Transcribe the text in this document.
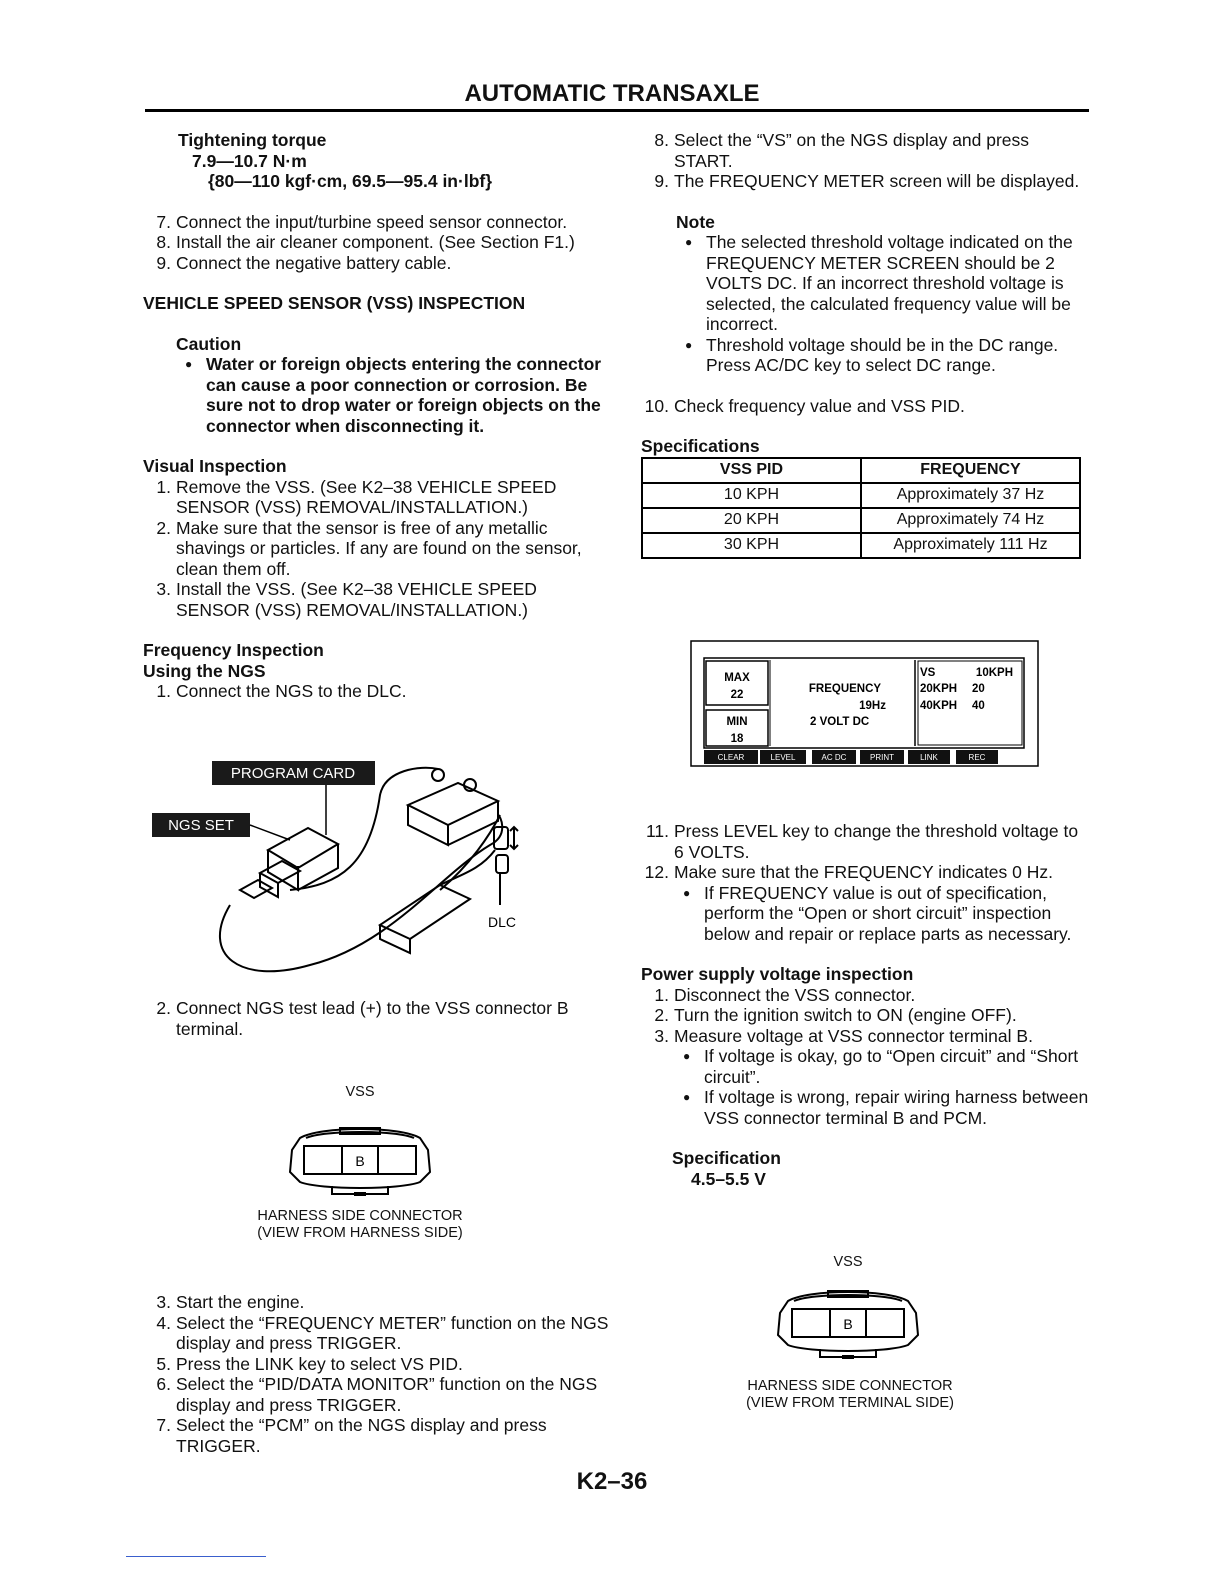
AUTOMATIC TRANSAXLE
Tightening torque
7.9—10.7 N·m
{80—110 kgf·cm, 69.5—95.4 in·lbf}
7. Connect the input/turbine speed sensor connector.
8. Install the air cleaner component. (See Section F1.)
9. Connect the negative battery cable.
VEHICLE SPEED SENSOR (VSS) INSPECTION
Caution
● Water or foreign objects entering the connector can cause a poor connection or corrosion. Be sure not to drop water or foreign objects on the connector when disconnecting it.
Visual Inspection
1. Remove the VSS. (See K2–38 VEHICLE SPEED SENSOR (VSS) REMOVAL/INSTALLATION.)
2. Make sure that the sensor is free of any metallic shavings or particles. If any are found on the sensor, clean them off.
3. Install the VSS. (See K2–38 VEHICLE SPEED SENSOR (VSS) REMOVAL/INSTALLATION.)
Frequency Inspection
Using the NGS
1. Connect the NGS to the DLC.
PROGRAM CARD
NGS SET
DLC
2. Connect NGS test lead (+) to the VSS connector B terminal.
VSS
B
HARNESS SIDE CONNECTOR
(VIEW FROM HARNESS SIDE)
3. Start the engine.
4. Select the “FREQUENCY METER” function on the NGS display and press TRIGGER.
5. Press the LINK key to select VS PID.
6. Select the “PID/DATA MONITOR” function on the NGS display and press TRIGGER.
7. Select the “PCM” on the NGS display and press TRIGGER.
8. Select the “VS” on the NGS display and press START.
9. The FREQUENCY METER screen will be displayed.
Note
● The selected threshold voltage indicated on the FREQUENCY METER SCREEN should be 2 VOLTS DC. If an incorrect threshold voltage is selected, the calculated frequency value will be incorrect.
● Threshold voltage should be in the DC range. Press AC/DC key to select DC range.
10. Check frequency value and VSS PID.
Specifications
VSS PID	FREQUENCY
10 KPH	Approximately 37 Hz
20 KPH	Approximately 74 Hz
30 KPH	Approximately 111 Hz
MAX
22
MIN
18
FREQUENCY
19Hz
2 VOLT DC
VS	10KPH
20KPH 20
40KPH 40
CLEAR	LEVEL	AC DC	PRINT	LINK	REC
11. Press LEVEL key to change the threshold voltage to 6 VOLTS.
12. Make sure that the FREQUENCY indicates 0 Hz.
● If FREQUENCY value is out of specification, perform the “Open or short circuit” inspection below and repair or replace parts as necessary.
Power supply voltage inspection
1. Disconnect the VSS connector.
2. Turn the ignition switch to ON (engine OFF).
3. Measure voltage at VSS connector terminal B.
● If voltage is okay, go to “Open circuit” and “Short circuit”.
● If voltage is wrong, repair wiring harness between VSS connector terminal B and PCM.
Specification
4.5–5.5 V
VSS
B
HARNESS SIDE CONNECTOR
(VIEW FROM TERMINAL SIDE)
K2–36
